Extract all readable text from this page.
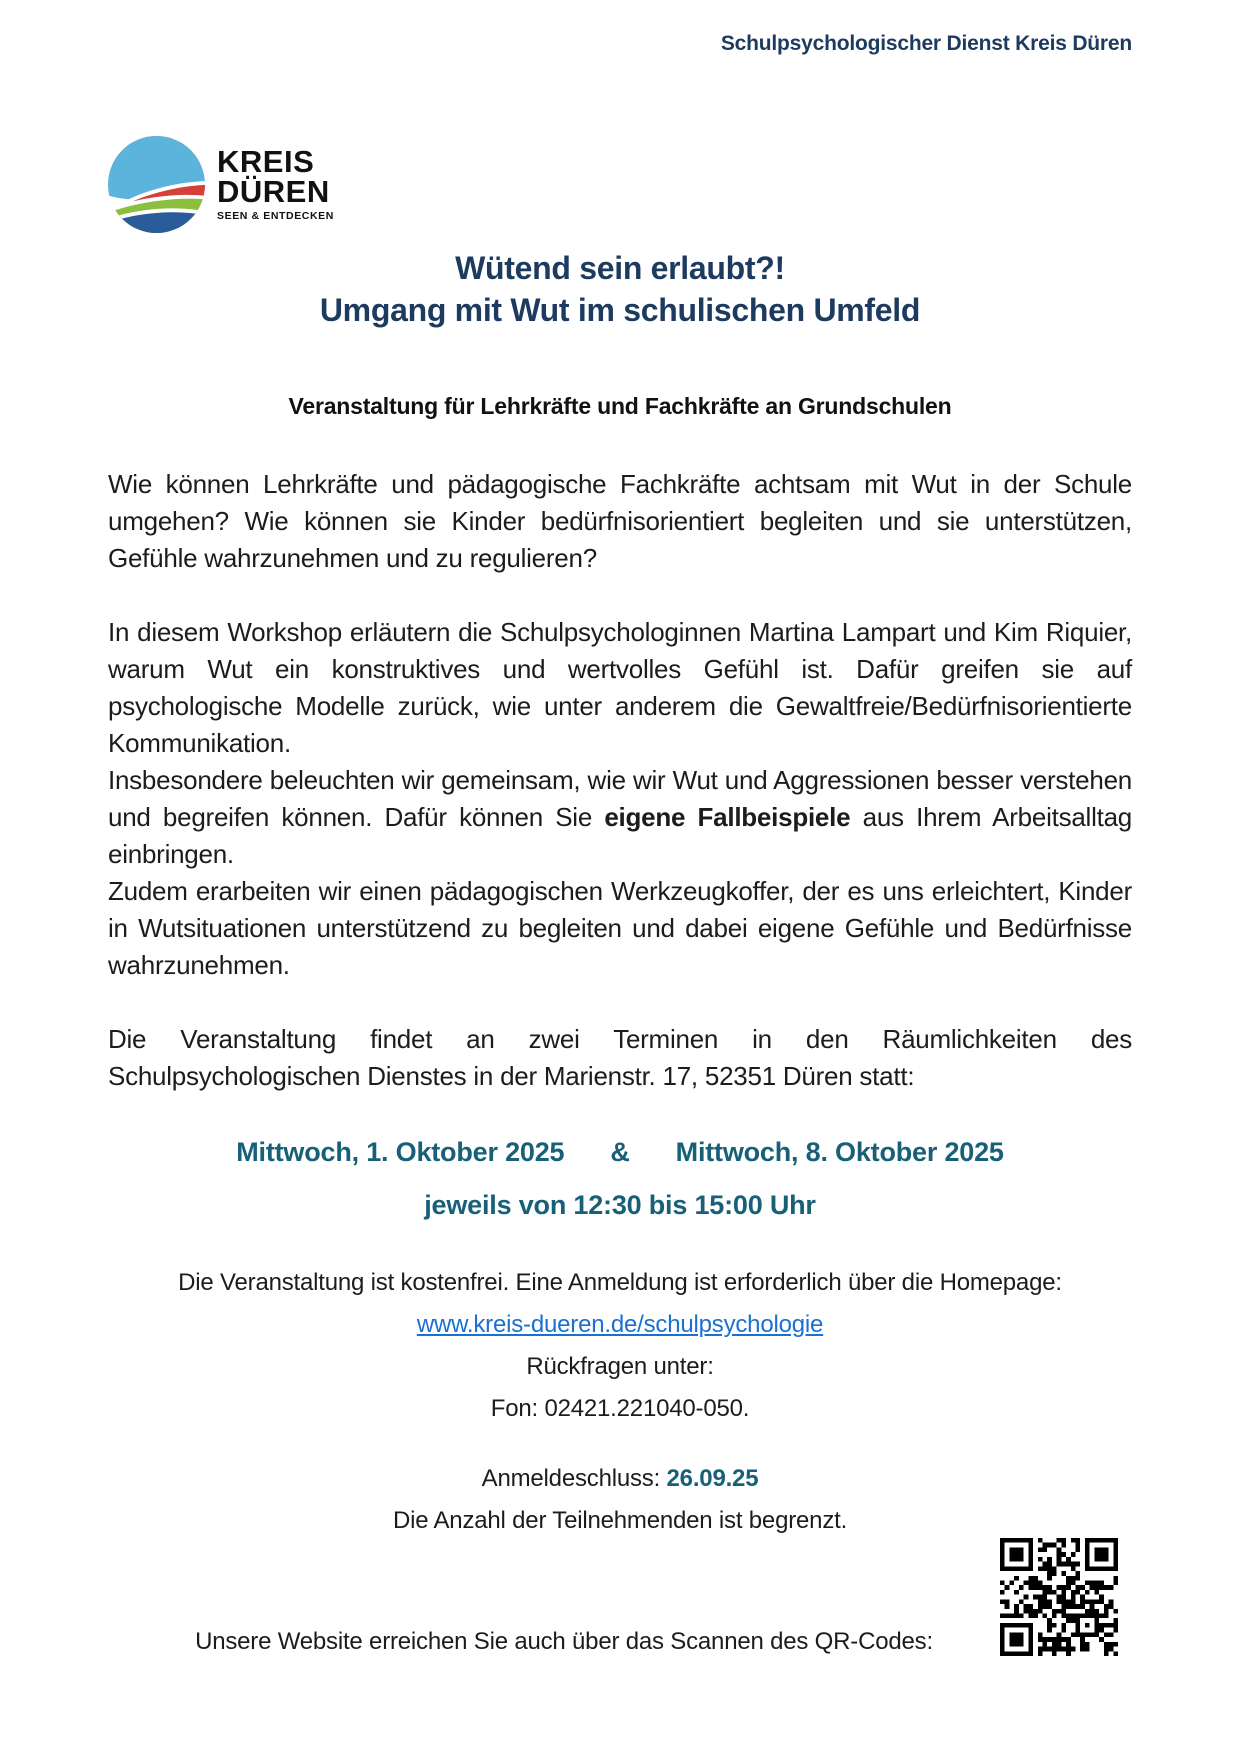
Schulpsychologischer Dienst Kreis Düren
KREIS
DÜREN
SEEN & ENTDECKEN
Wütend sein erlaubt?!
Umgang mit Wut im schulischen Umfeld
Veranstaltung für Lehrkräfte und Fachkräfte an Grundschulen

Wie können Lehrkräfte und pädagogische Fachkräfte achtsam mit Wut in der Schule umgehen? Wie können sie Kinder bedürfnisorientiert begleiten und sie unterstützen, Gefühle wahrzunehmen und zu regulieren?

In diesem Workshop erläutern die Schulpsychologinnen Martina Lampart und Kim Riquier, warum Wut ein konstruktives und wertvolles Gefühl ist. Dafür greifen sie auf psychologische Modelle zurück, wie unter anderem die Gewaltfreie/Bedürfnisorientierte Kommunikation.

Insbesondere beleuchten wir gemeinsam, wie wir Wut und Aggressionen besser verstehen und begreifen können. Dafür können Sie eigene Fallbeispiele aus Ihrem Arbeitsalltag einbringen.

Zudem erarbeiten wir einen pädagogischen Werkzeugkoffer, der es uns erleichtert, Kinder in Wutsituationen unterstützend zu begleiten und dabei eigene Gefühle und Bedürfnisse wahrzunehmen.

Die Veranstaltung findet an zwei Terminen in den Räumlichkeiten des Schulpsychologischen Dienstes in der Marienstr. 17, 52351 Düren statt:

Mittwoch, 1. Oktober 2025 & Mittwoch, 8. Oktober 2025
jeweils von 12:30 bis 15:00 Uhr
Die Veranstaltung ist kostenfrei. Eine Anmeldung ist erforderlich über die Homepage:
www.kreis-dueren.de/schulpsychologie
Rückfragen unter:
Fon: 02421.221040-050.
Anmeldeschluss: 26.09.25
Die Anzahl der Teilnehmenden ist begrenzt.
Unsere Website erreichen Sie auch über das Scannen des QR-Codes:
